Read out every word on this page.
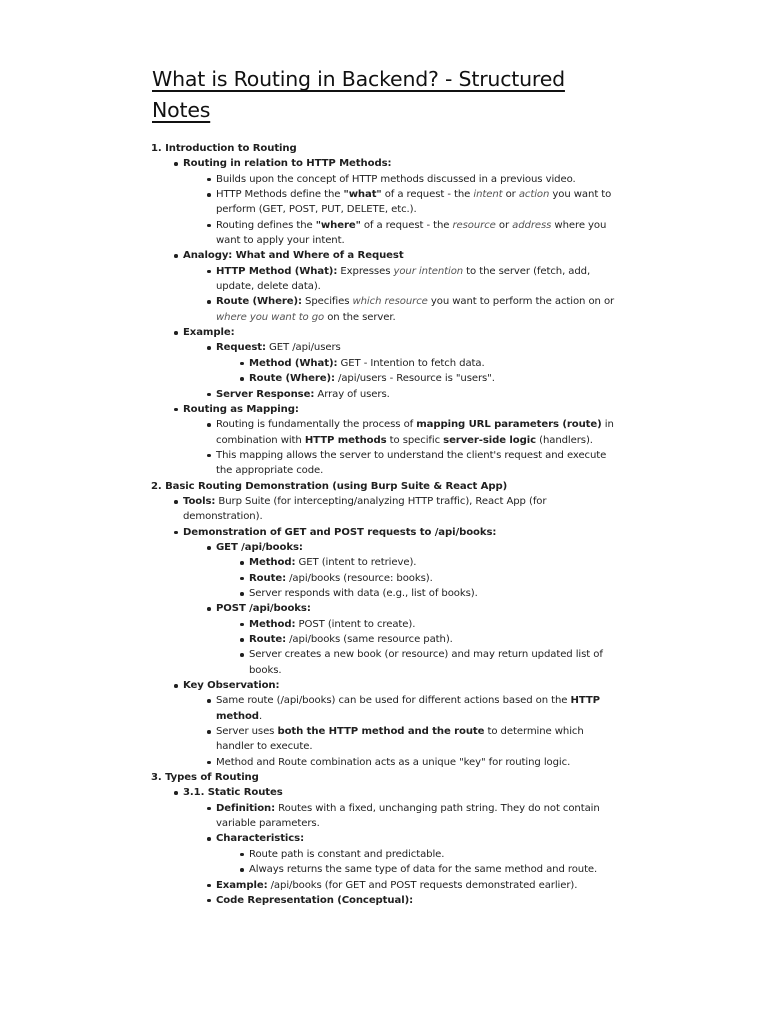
What is Routing in Backend? - Structured Notes

1. Introduction to Routing

Routing in relation to HTTP Methods:
Builds upon the concept of HTTP methods discussed in a previous video.
HTTP Methods define the "what" of a request - the intent or action you want to perform (GET, POST, PUT, DELETE, etc.).
Routing defines the "where" of a request - the resource or address where you want to apply your intent.
Analogy: What and Where of a Request
HTTP Method (What): Expresses your intention to the server (fetch, add, update, delete data).
Route (Where): Specifies which resource you want to perform the action on or where you want to go on the server.
Example:
Request: GET /api/users
Method (What): GET - Intention to fetch data.
Route (Where): /api/users - Resource is "users".
Server Response: Array of users.
Routing as Mapping:
Routing is fundamentally the process of mapping URL parameters (route) in combination with HTTP methods to specific server-side logic (handlers).
This mapping allows the server to understand the client's request and execute the appropriate code.

2. Basic Routing Demonstration (using Burp Suite & React App)

Tools: Burp Suite (for intercepting/analyzing HTTP traffic), React App (for demonstration).
Demonstration of GET and POST requests to /api/books:
GET /api/books:
Method: GET (intent to retrieve).
Route: /api/books (resource: books).
Server responds with data (e.g., list of books).
POST /api/books:
Method: POST (intent to create).
Route: /api/books (same resource path).
Server creates a new book (or resource) and may return updated list of books.
Key Observation:
Same route (/api/books) can be used for different actions based on the HTTP method.
Server uses both the HTTP method and the route to determine which handler to execute.
Method and Route combination acts as a unique "key" for routing logic.

3. Types of Routing

3.1. Static Routes
Definition: Routes with a fixed, unchanging path string. They do not contain variable parameters.
Characteristics:
Route path is constant and predictable.
Always returns the same type of data for the same method and route.
Example: /api/books (for GET and POST requests demonstrated earlier).
Code Representation (Conceptual):
